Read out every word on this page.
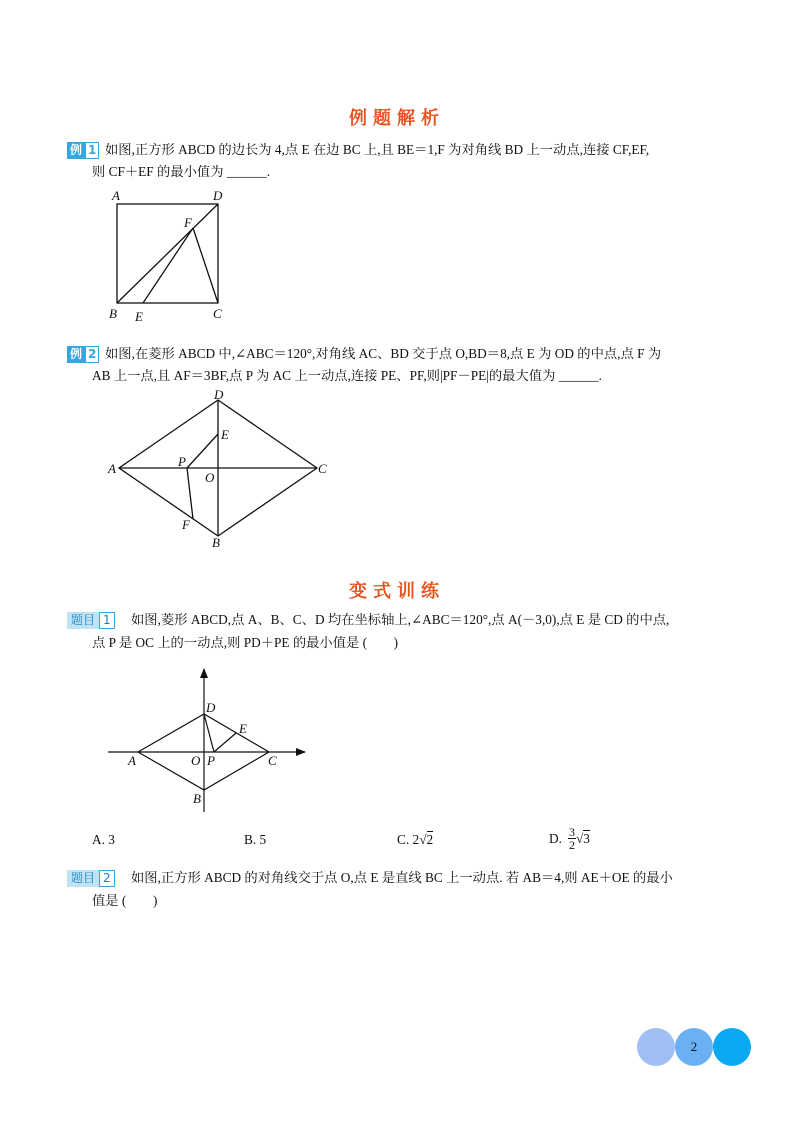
例题解析
例 1 如图,正方形 ABCD 的边长为 4,点 E 在边 BC 上,且 BE＝1,F 为对角线 BD 上一动点,连接 CF,EF,
则 CF＋EF 的最小值为 ______.
A	D
F
B E	C
例 2 如图,在菱形 ABCD 中,∠ABC＝120°,对角线 AC、BD 交于点 O,BD＝8,点 E 为 OD 的中点,点 F 为
AB 上一点,且 AF＝3BF,点 P 为 AC 上一动点,连接 PE、PF,则|PF－PE|的最大值为 ______.
D
E
A	P
O
C
F
B
变式训练
题目 1	如图,菱形 ABCD,点 A、B、C、D 均在坐标轴上,∠ABC＝120°,点 A(－3,0),点 E 是 CD 的中点,
点 P 是 OC 上的一动点,则 PD＋PE 的最小值是 (　　)
D
E
A	O P	C
B
A. 3	B. 5	C. 2√2	D. $\frac{3}{2}$ √ 3
题目 2	如图,正方形 ABCD 的对角线交于点 O,点 E 是直线 BC 上一动点. 若 AB＝4,则 AE＋OE 的最小
值是 (　　)
2
